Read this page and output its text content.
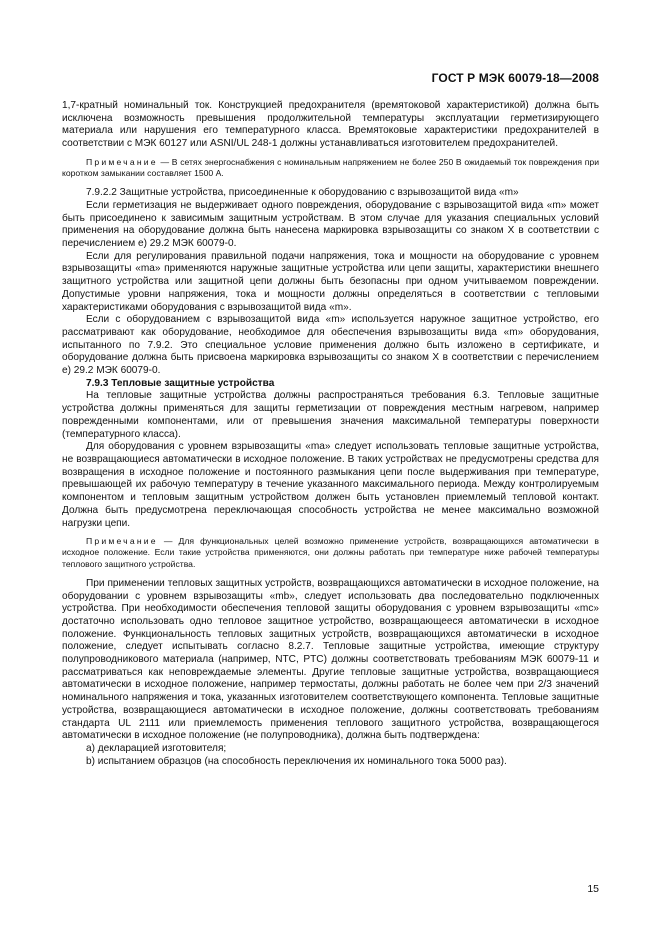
ГОСТ Р МЭК 60079-18—2008

1,7-кратный номинальный ток. Конструкцией предохранителя (времятоковой характеристикой) должна быть исключена возможность превышения продолжительной температуры эксплуатации герметизирующего материала или нарушения его температурного класса. Времятоковые характеристики предохранителей в соответствии с МЭК 60127 или ASNI/UL 248-1 должны устанавливаться изготовителем предохранителей.

Примечание — В сетях энергоснабжения с номинальным напряжением не более 250 В ожидаемый ток повреждения при коротком замыкании составляет 1500 А.

7.9.2.2 Защитные устройства, присоединенные к оборудованию с взрывозащитой вида «m»

Если герметизация не выдерживает одного повреждения, оборудование с взрывозащитой вида «m» может быть присоединено к зависимым защитным устройствам. В этом случае для указания специальных условий применения на оборудование должна быть нанесена маркировка взрывозащиты со знаком X в соответствии с перечислением е) 29.2 МЭК 60079-0.

Если для регулирования правильной подачи напряжения, тока и мощности на оборудование с уровнем взрывозащиты «ma» применяются наружные защитные устройства или цепи защиты, характеристики внешнего защитного устройства или защитной цепи должны быть безопасны при одном учитываемом повреждении. Допустимые уровни напряжения, тока и мощности должны определяться в соответствии с тепловыми характеристиками оборудования с взрывозащитой вида «m».

Если с оборудованием с взрывозащитой вида «m» используется наружное защитное устройство, его рассматривают как оборудование, необходимое для обеспечения взрывозащиты вида «m» оборудования, испытанного по 7.9.2. Это специальное условие применения должно быть изложено в сертификате, и оборудование должна быть присвоена маркировка взрывозащиты со знаком X в соответствии с перечислением е) 29.2 МЭК 60079-0.

7.9.3 Тепловые защитные устройства

На тепловые защитные устройства должны распространяться требования 6.3. Тепловые защитные устройства должны применяться для защиты герметизации от повреждения местным нагревом, например поврежденными компонентами, или от превышения значения максимальной температуры поверхности (температурного класса).

Для оборудования с уровнем взрывозащиты «ma» следует использовать тепловые защитные устройства, не возвращающиеся автоматически в исходное положение. В таких устройствах не предусмотрены средства для возвращения в исходное положение и постоянного размыкания цепи после выдерживания при температуре, превышающей их рабочую температуру в течение указанного максимального периода. Между контролируемым компонентом и тепловым защитным устройством должен быть установлен приемлемый тепловой контакт. Должна быть предусмотрена переключающая способность устройства не менее максимально возможной нагрузки цепи.

Примечание — Для функциональных целей возможно применение устройств, возвращающихся автоматически в исходное положение. Если такие устройства применяются, они должны работать при температуре ниже рабочей температуры теплового защитного устройства.

При применении тепловых защитных устройств, возвращающихся автоматически в исходное положение, на оборудовании с уровнем взрывозащиты «mb», следует использовать два последовательно подключенных устройства. При необходимости обеспечения тепловой защиты оборудования с уровнем взрывозащиты «mc» достаточно использовать одно тепловое защитное устройство, возвращающееся автоматически в исходное положение. Функциональность тепловых защитных устройств, возвращающихся автоматически в исходное положение, следует испытывать согласно 8.2.7. Тепловые защитные устройства, имеющие структуру полупроводникового материала (например, NTC, PTC) должны соответствовать требованиям МЭК 60079-11 и рассматриваться как неповреждаемые элементы. Другие тепловые защитные устройства, возвращающиеся автоматически в исходное положение, например термостаты, должны работать не более чем при 2/3 значений номинального напряжения и тока, указанных изготовителем соответствующего компонента. Тепловые защитные устройства, возвращающиеся автоматически в исходное положение, должны соответствовать требованиям стандарта UL 2111 или приемлемость применения теплового защитного устройства, возвращающегося автоматически в исходное положение (не полупроводника), должна быть подтверждена:

a) декларацией изготовителя;

b) испытанием образцов (на способность переключения их номинального тока 5000 раз).

15
